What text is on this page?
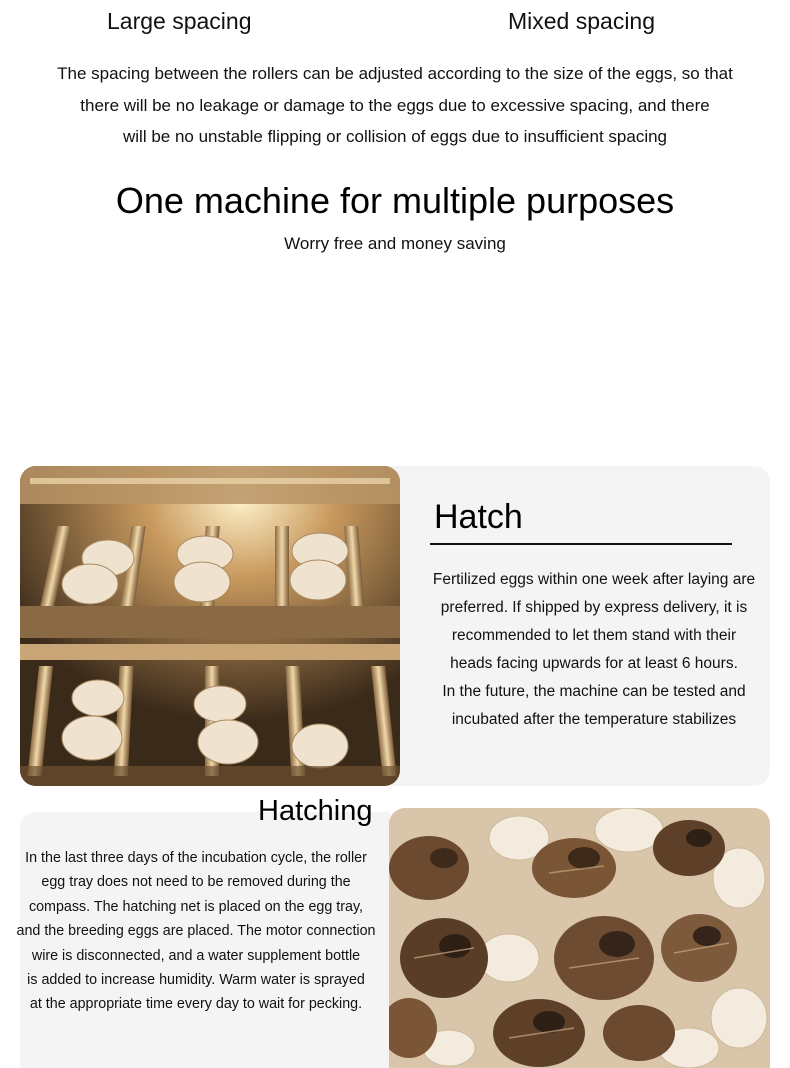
Large spacing	Mixed spacing
The spacing between the rollers can be adjusted according to the size of the eggs, so that
there will be no leakage or damage to the eggs due to excessive spacing, and there
will be no unstable flipping or collision of eggs due to insufficient spacing
One machine for multiple purposes
Worry free and money saving
Hatch
Fertilized eggs within one week after laying are
preferred. If shipped by express delivery, it is
recommended to let them stand with their
heads facing upwards for at least 6 hours.
In the future, the machine can be tested and
incubated after the temperature stabilizes
Hatching
In the last three days of the incubation cycle, the roller
egg tray does not need to be removed during the
compass. The hatching net is placed on the egg tray,
and the breeding eggs are placed. The motor connection
wire is disconnected, and a water supplement bottle
is added to increase humidity. Warm water is sprayed
at the appropriate time every day to wait for pecking.
